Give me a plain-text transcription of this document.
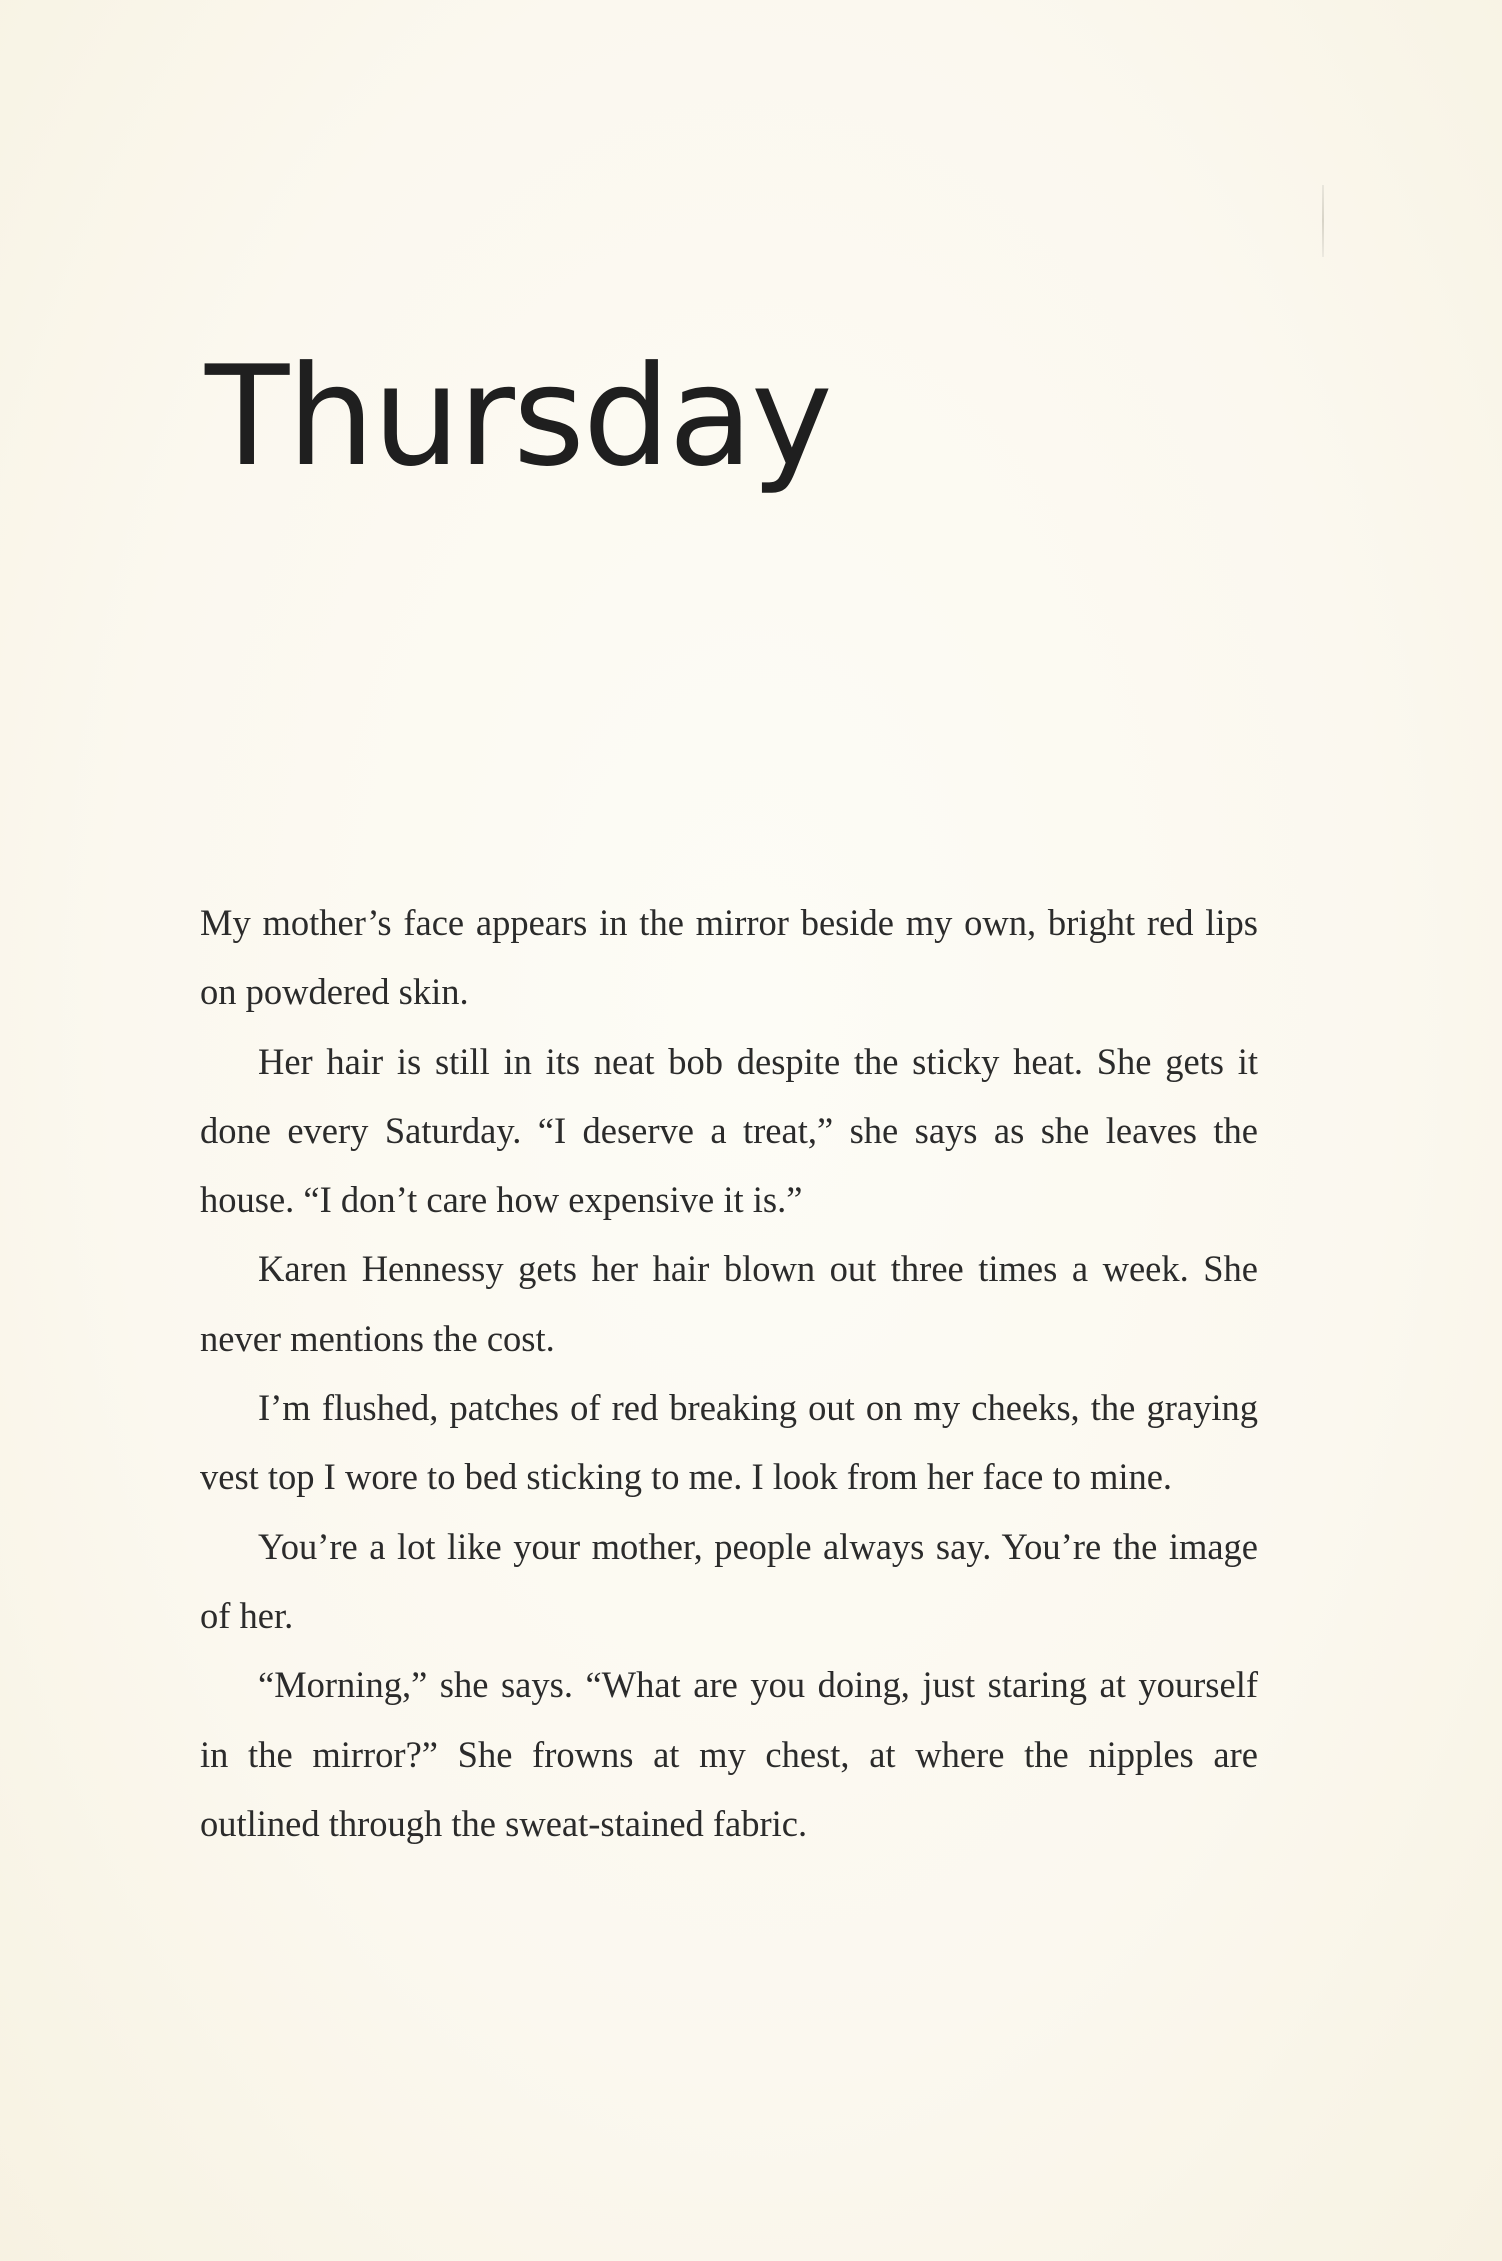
Thursday

My mother’s face appears in the mirror beside my own, bright red lips on powdered skin.

Her hair is still in its neat bob despite the sticky heat. She gets it done every Saturday. “I deserve a treat,” she says as she leaves the house. “I don’t care how expensive it is.”

Karen Hennessy gets her hair blown out three times a week. She never mentions the cost.

I’m flushed, patches of red breaking out on my cheeks, the graying vest top I wore to bed sticking to me. I look from her face to mine.

You’re a lot like your mother, people always say. You’re the image of her.

“Morning,” she says. “What are you doing, just staring at yourself in the mirror?” She frowns at my chest, at where the nipples are outlined through the sweat-stained fabric.
